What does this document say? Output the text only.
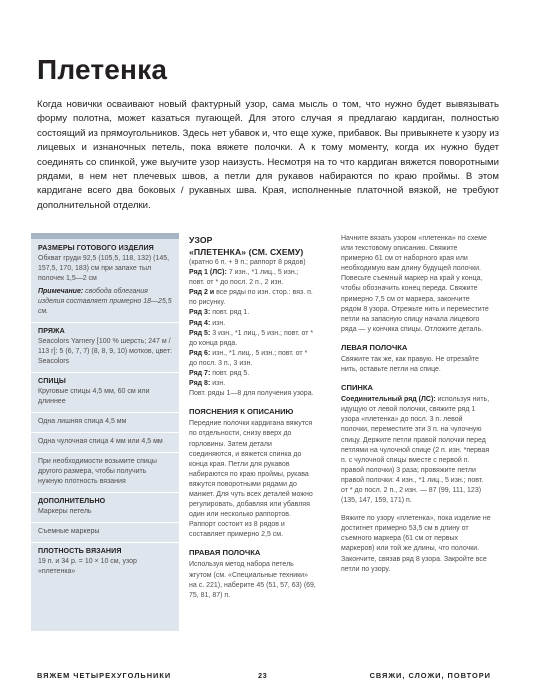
Плетенка

Когда новички осваивают новый фактурный узор, сама мысль о том, что нужно будет вывязывать форму полотна, может казаться пугающей. Для этого случая я предлагаю кардиган, полностью состоящий из прямоугольников. Здесь нет убавок и, что еще хуже, прибавок. Вы привыкнете к узору из лицевых и изнаночных петель, пока вяжете полочки. А к тому моменту, когда их нужно будет соединять со спинкой, уже выучите узор наизусть. Несмотря на то что кардиган вяжется поворотными рядами, в нем нет плечевых швов, а петли для рукавов набираются по краю проймы. В этом кардигане всего два боковых / рукавных шва. Края, исполненные платочной вязкой, не требуют дополнительной отделки.

РАЗМЕРЫ ГОТОВОГО ИЗДЕЛИЯ

Обхват груди 92,5 (105,5, 118, 132) (145, 157,5, 170, 183) см при запахе тыл полочек 1,5—2 см

Примечание: свобода облегания изделия составляет примерно 18—25,5 см.

ПРЯЖА

Seacolors Yarnery [100 % шерсть; 247 м / 113 г]: 5 (6, 7, 7) (8, 8, 9, 10) мотков, цвет: Seacolors

СПИЦЫ

Круговые спицы 4,5 мм, 60 см или длиннее

Одна лишняя спица 4,5 мм

Одна чулочная спица 4 мм или 4,5 мм

При необходимости возьмите спицы другого размера, чтобы получить нужную плотность вязания

ДОПОЛНИТЕЛЬНО

Маркеры петель

Съемные маркеры

ПЛОТНОСТЬ ВЯЗАНИЯ

19 п. и 34 р. = 10 × 10 см, узор «плетенка»

УЗОР

«ПЛЕТЕНКА» (СМ. СХЕМУ)

(кратно 6 п. + 9 п.; раппорт 8 рядов)

Ряд 1 (ЛС): 7 изн., *1 лиц., 5 изн.; повт. от * до посл. 2 п., 2 изн.

Ряд 2 и все ряды по изн. стор.: вяз. п. по рисунку.

Ряд 3: повт. ряд 1.

Ряд 4: изн.

Ряд 5: 3 изн., *1 лиц., 5 изн.; повт. от * до конца ряда.

Ряд 6: изн., *1 лиц., 5 изн.; повт. от * до посл. 3 п., 3 изн.

Ряд 7: повт. ряд 5.

Ряд 8: изн.

Повт. ряды 1—8 для получения узора.

ПОЯСНЕНИЯ К ОПИСАНИЮ

Передние полочки кардигана вяжутся по отдельности, снизу вверх до горловины. Затем детали соединяются, и вяжется спинка до конца края. Петли для рукавов набираются по краю проймы, рукава вяжутся поворотными рядами до манжет. Для чуть всех деталей можно регулировать, добавляя или убавляя один или несколько раппортов. Раппорт состоит из 8 рядов и составляет примерно 2,5 см.

ПРАВАЯ ПОЛОЧКА

Используя метод набора петель жгутом (см. «Специальные техники» на с. 221), наберите 45 (51, 57, 63) (69, 75, 81, 87) п.

Начните вязать узором «плетенка» по схеме или текстовому описанию. Свяжите примерно 61 см от наборного края или необходимую вам длину будущей полочки. Повесьте съемный маркер на край у конца, чтобы обозначить конец переда. Свяжите примерно 7,5 см от маркера, закончите рядом 8 узора. Отрежьте нить и переместите петли на запасную спицу начала лицевого ряда — у кончика спицы. Отложите деталь.

ЛЕВАЯ ПОЛОЧКА

Свяжите так же, как правую. Не отрезайте нить, оставьте петли на спице.

СПИНКА

Соединительный ряд (ЛС): используя нить, идущую от левой полочки, свяжите ряд 1 узора «плетенка» до посл. 3 п. левой полочки, переместите эти 3 п. на чулочную спицу. Держите петли правой полочки перед петлями на чулочной спице (2 п. изн. *первая п. с чулочной спицы вместе с первой п. правой полочки) 3 раза; провяжите петли правой полочки: 4 изн., *1 лиц., 5 изн.; повт. от * до посл. 2 п., 2 изн. — 87 (99, 111, 123) (135, 147, 159, 171) п.

Вяжите по узору «плетенка», пока изделие не достигнет примерно 53,5 см в длину от съемного маркера (61 см от первых маркеров) или той же длины, что полочки. Закончите, связав ряд 8 узора. Закройте все петли по узору.

ВЯЖЕМ ЧЕТЫРЕХУГОЛЬНИКИ	23	СВЯЖИ, СЛОЖИ, ПОВТОРИ
